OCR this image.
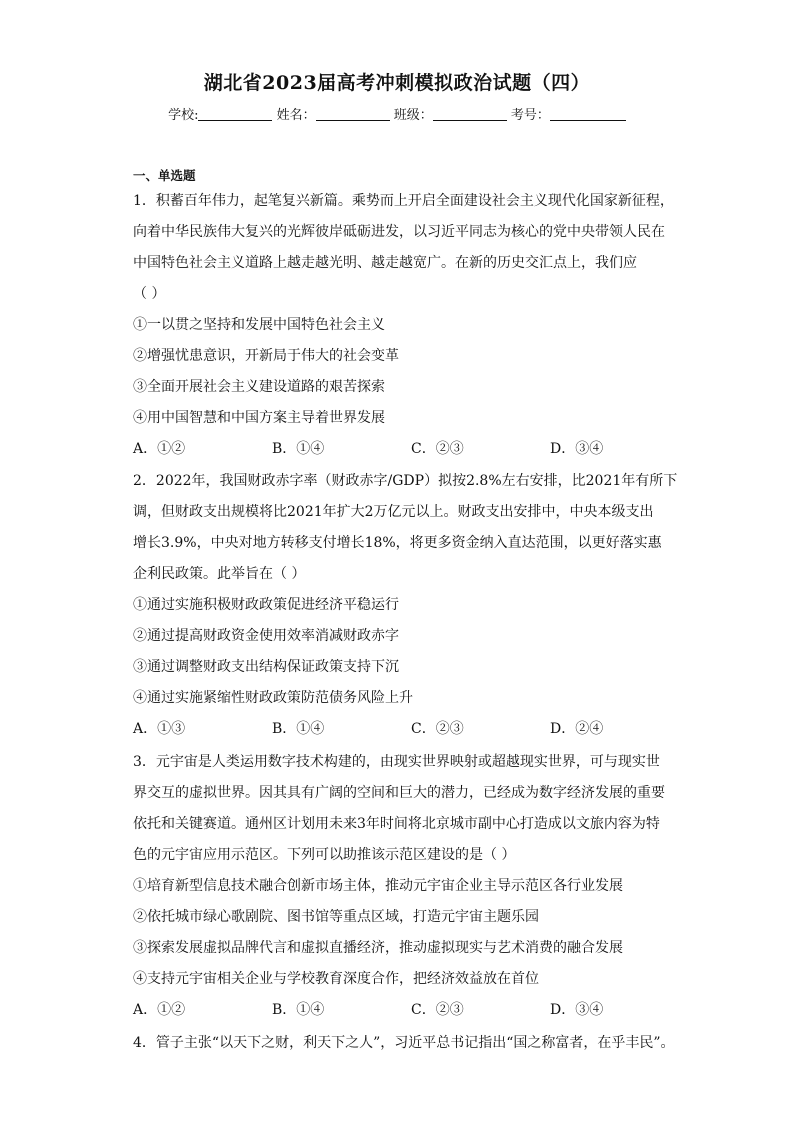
湖北省2023届高考冲刺模拟政治试题（四）
学校:	姓名：	班级：	考号：
一、单选题
1．积蓄百年伟力，起笔复兴新篇。乘势而上开启全面建设社会主义现代化国家新征程，
向着中华民族伟大复兴的光辉彼岸砥砺进发，以习近平同志为核心的党中央带领人民在
中国特色社会主义道路上越走越光明、越走越宽广。在新的历史交汇点上，我们应
（ ）
①一以贯之坚持和发展中国特色社会主义
②增强忧患意识，开新局于伟大的社会变革
③全面开展社会主义建设道路的艰苦探索
④用中国智慧和中国方案主导着世界发展
A．①②	B．①④	C．②③	D．③④
2．2022年，我国财政赤字率（财政赤字/GDP）拟按2.8%左右安排，比2021年有所下
调，但财政支出规模将比2021年扩大2万亿元以上。财政支出安排中，中央本级支出
增长3.9%，中央对地方转移支付增长18%，将更多资金纳入直达范围，以更好落实惠
企利民政策。此举旨在（ ）
①通过实施积极财政政策促进经济平稳运行
②通过提高财政资金使用效率消减财政赤字
③通过调整财政支出结构保证政策支持下沉
④通过实施紧缩性财政政策防范债务风险上升
A．①③	B．①④	C．②③	D．②④
3．元宇宙是人类运用数字技术构建的，由现实世界映射或超越现实世界，可与现实世
界交互的虚拟世界。因其具有广阔的空间和巨大的潜力，已经成为数字经济发展的重要
依托和关键赛道。通州区计划用未来3年时间将北京城市副中心打造成以文旅内容为特
色的元宇宙应用示范区。下列可以助推该示范区建设的是（ ）
①培育新型信息技术融合创新市场主体，推动元宇宙企业主导示范区各行业发展
②依托城市绿心歌剧院、图书馆等重点区域，打造元宇宙主题乐园
③探索发展虚拟品牌代言和虚拟直播经济，推动虚拟现实与艺术消费的融合发展
④支持元宇宙相关企业与学校教育深度合作，把经济效益放在首位
A．①②	B．①④	C．②③	D．③④
4．管子主张“以天下之财，利天下之人”，习近平总书记指出“国之称富者，在乎丰民”。
